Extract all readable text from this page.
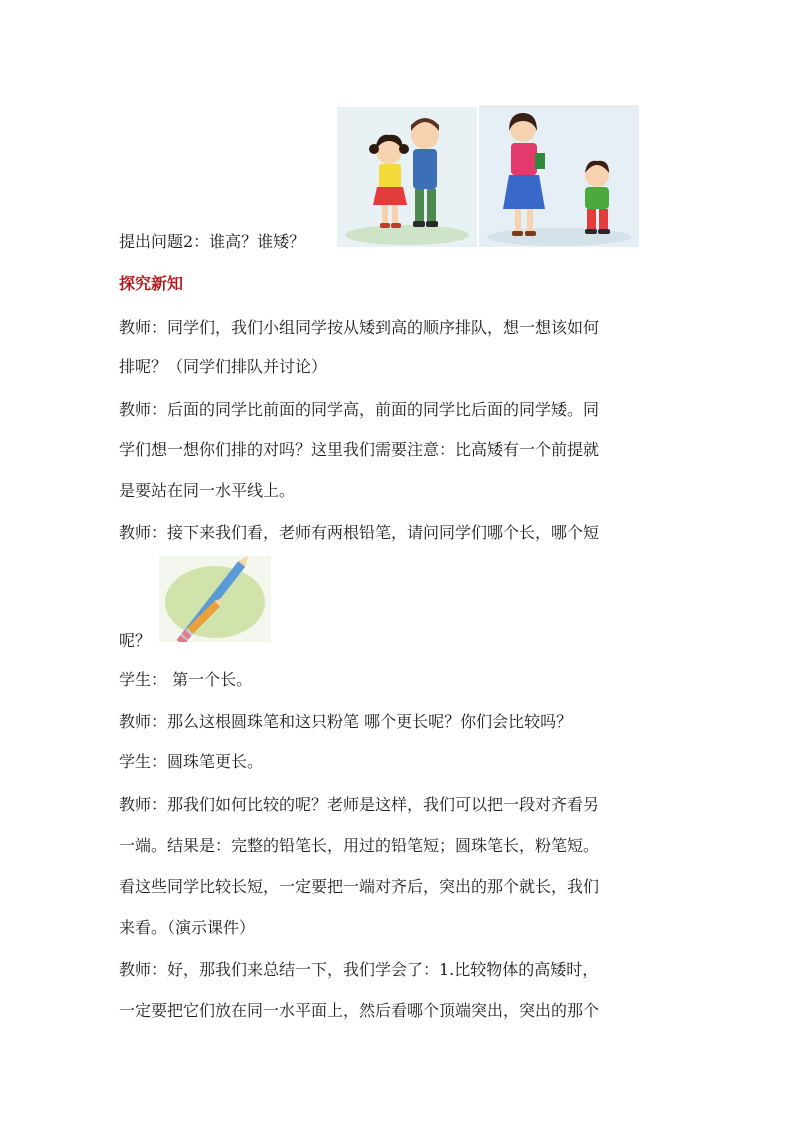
提出问题2：谁高？谁矮？
探究新知
教师：同学们，我们小组同学按从矮到高的顺序排队，想一想该如何
排呢？（同学们排队并讨论）
教师：后面的同学比前面的同学高，前面的同学比后面的同学矮。同
学们想一想你们排的对吗？这里我们需要注意：比高矮有一个前提就
是要站在同一水平线上。
教师：接下来我们看，老师有两根铅笔，请问同学们哪个长，哪个短
呢？
学生： 第一个长。
教师：那么这根圆珠笔和这只粉笔 哪个更长呢？你们会比较吗？
学生：圆珠笔更长。
教师：那我们如何比较的呢？老师是这样，我们可以把一段对齐看另
一端。结果是：完整的铅笔长，用过的铅笔短；圆珠笔长，粉笔短。
看这些同学比较长短，一定要把一端对齐后，突出的那个就长，我们
来看。（演示课件）
教师：好，那我们来总结一下，我们学会了：1.比较物体的高矮时，
一定要把它们放在同一水平面上，然后看哪个顶端突出，突出的那个
